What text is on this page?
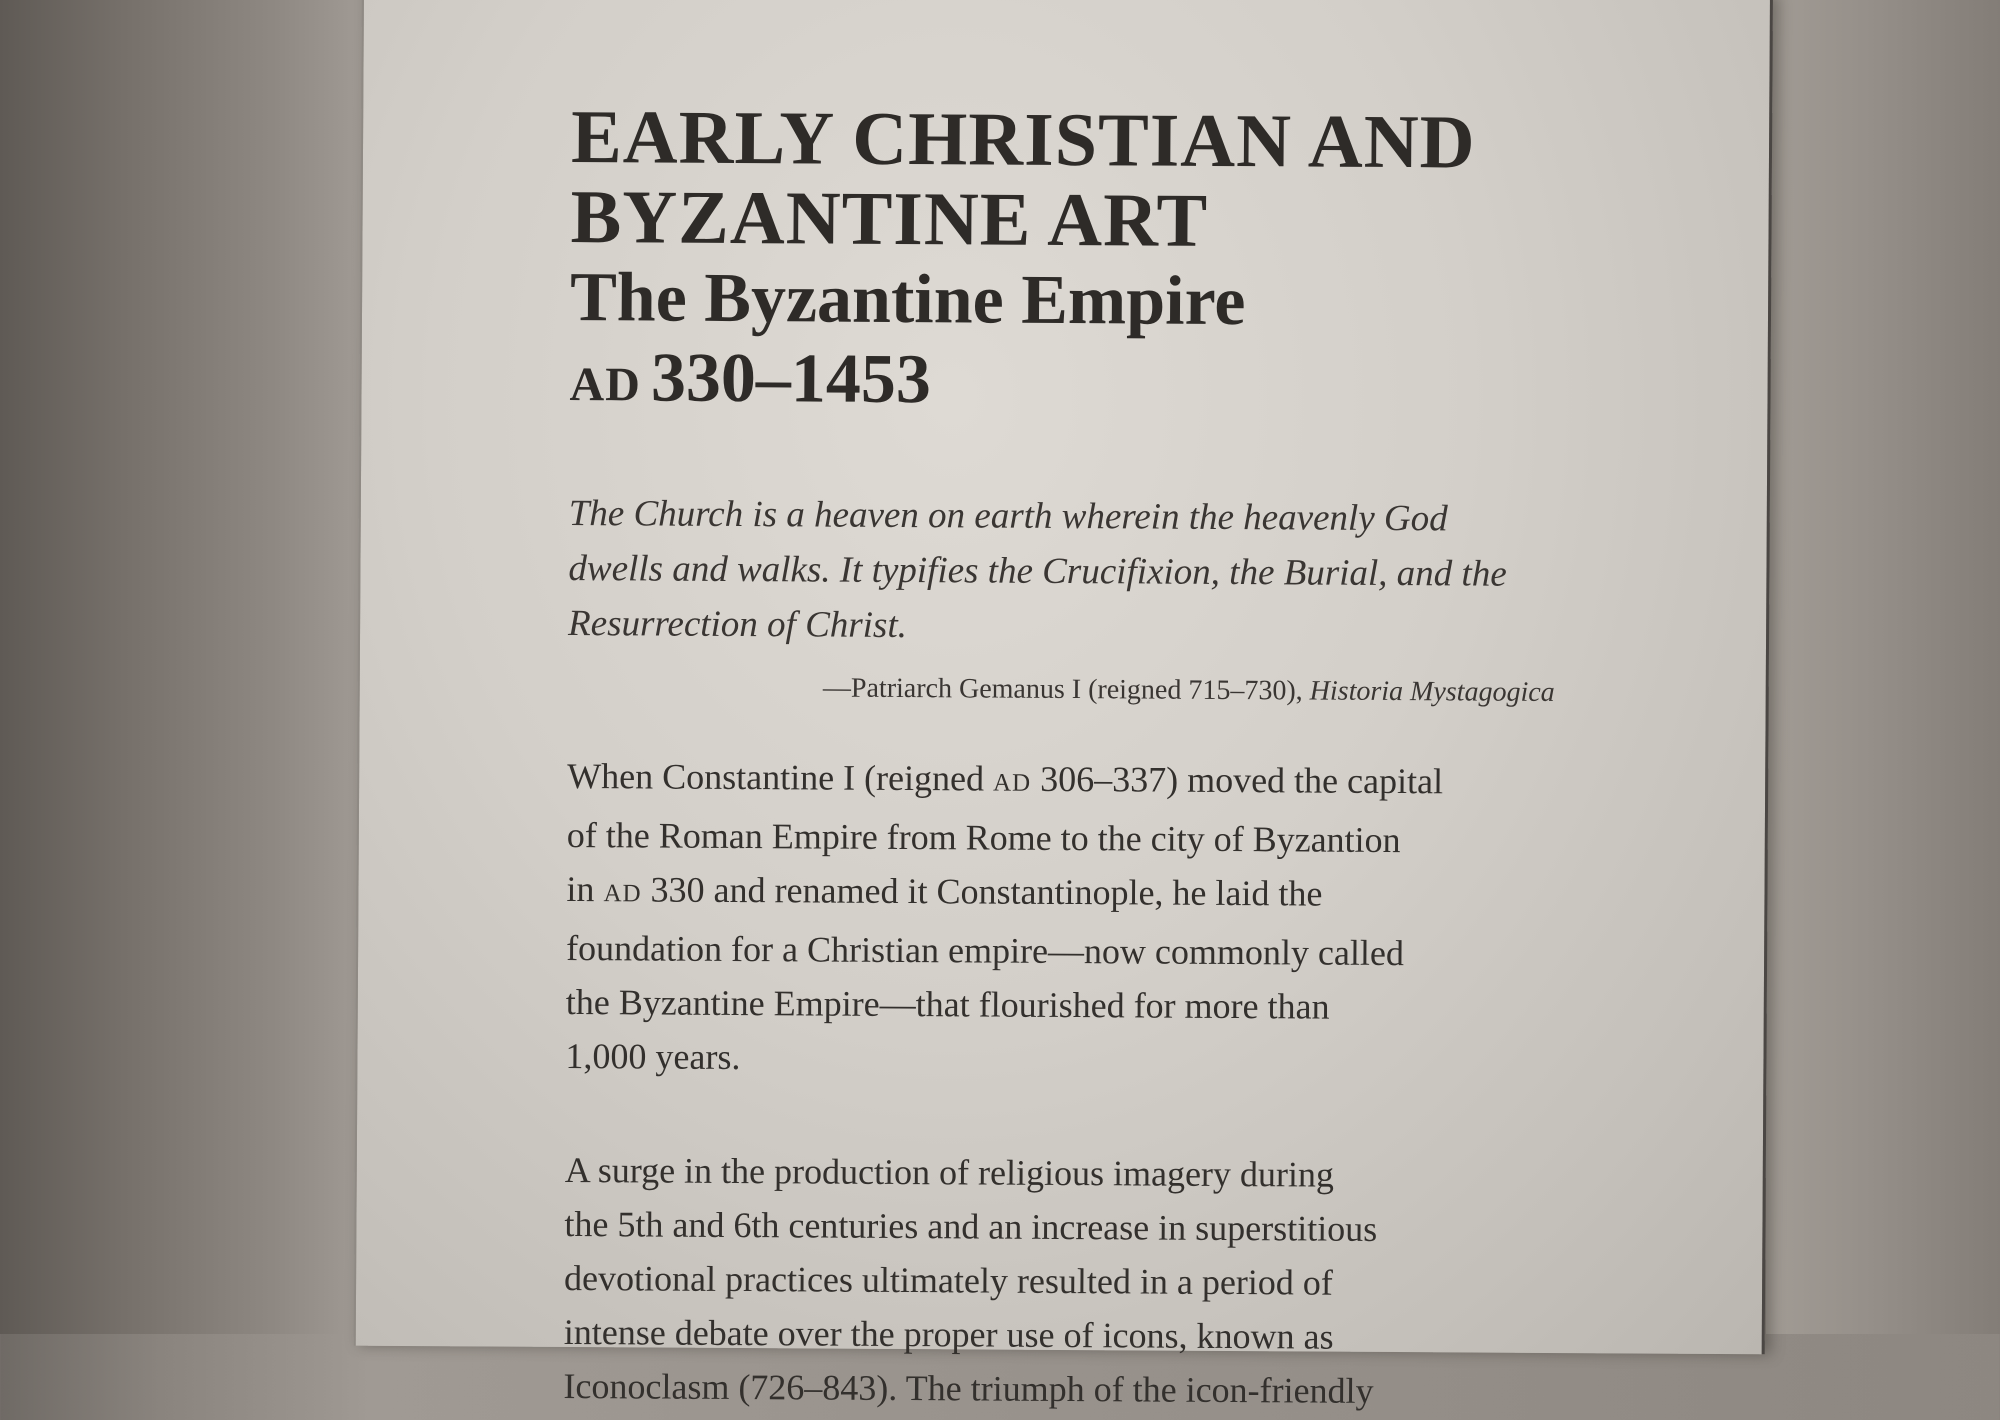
EARLY CHRISTIAN AND

BYZANTINE ART

The Byzantine Empire

AD 330–1453

The Church is a heaven on earth wherein the heavenly God
dwells and walks. It typifies the Crucifixion, the Burial, and the
Resurrection of Christ.

—Patriarch Gemanus I (reigned 715–730), Historia Mystagogica

When Constantine I (reigned AD 306–337) moved the capital
of the Roman Empire from Rome to the city of Byzantion
in AD 330 and renamed it Constantinople, he laid the
foundation for a Christian empire—now commonly called
the Byzantine Empire—that flourished for more than
1,000 years.
A surge in the production of religious imagery during
the 5th and 6th centuries and an increase in superstitious
devotional practices ultimately resulted in a period of
intense debate over the proper use of icons, known as
Iconoclasm (726–843). The triumph of the icon-friendly
